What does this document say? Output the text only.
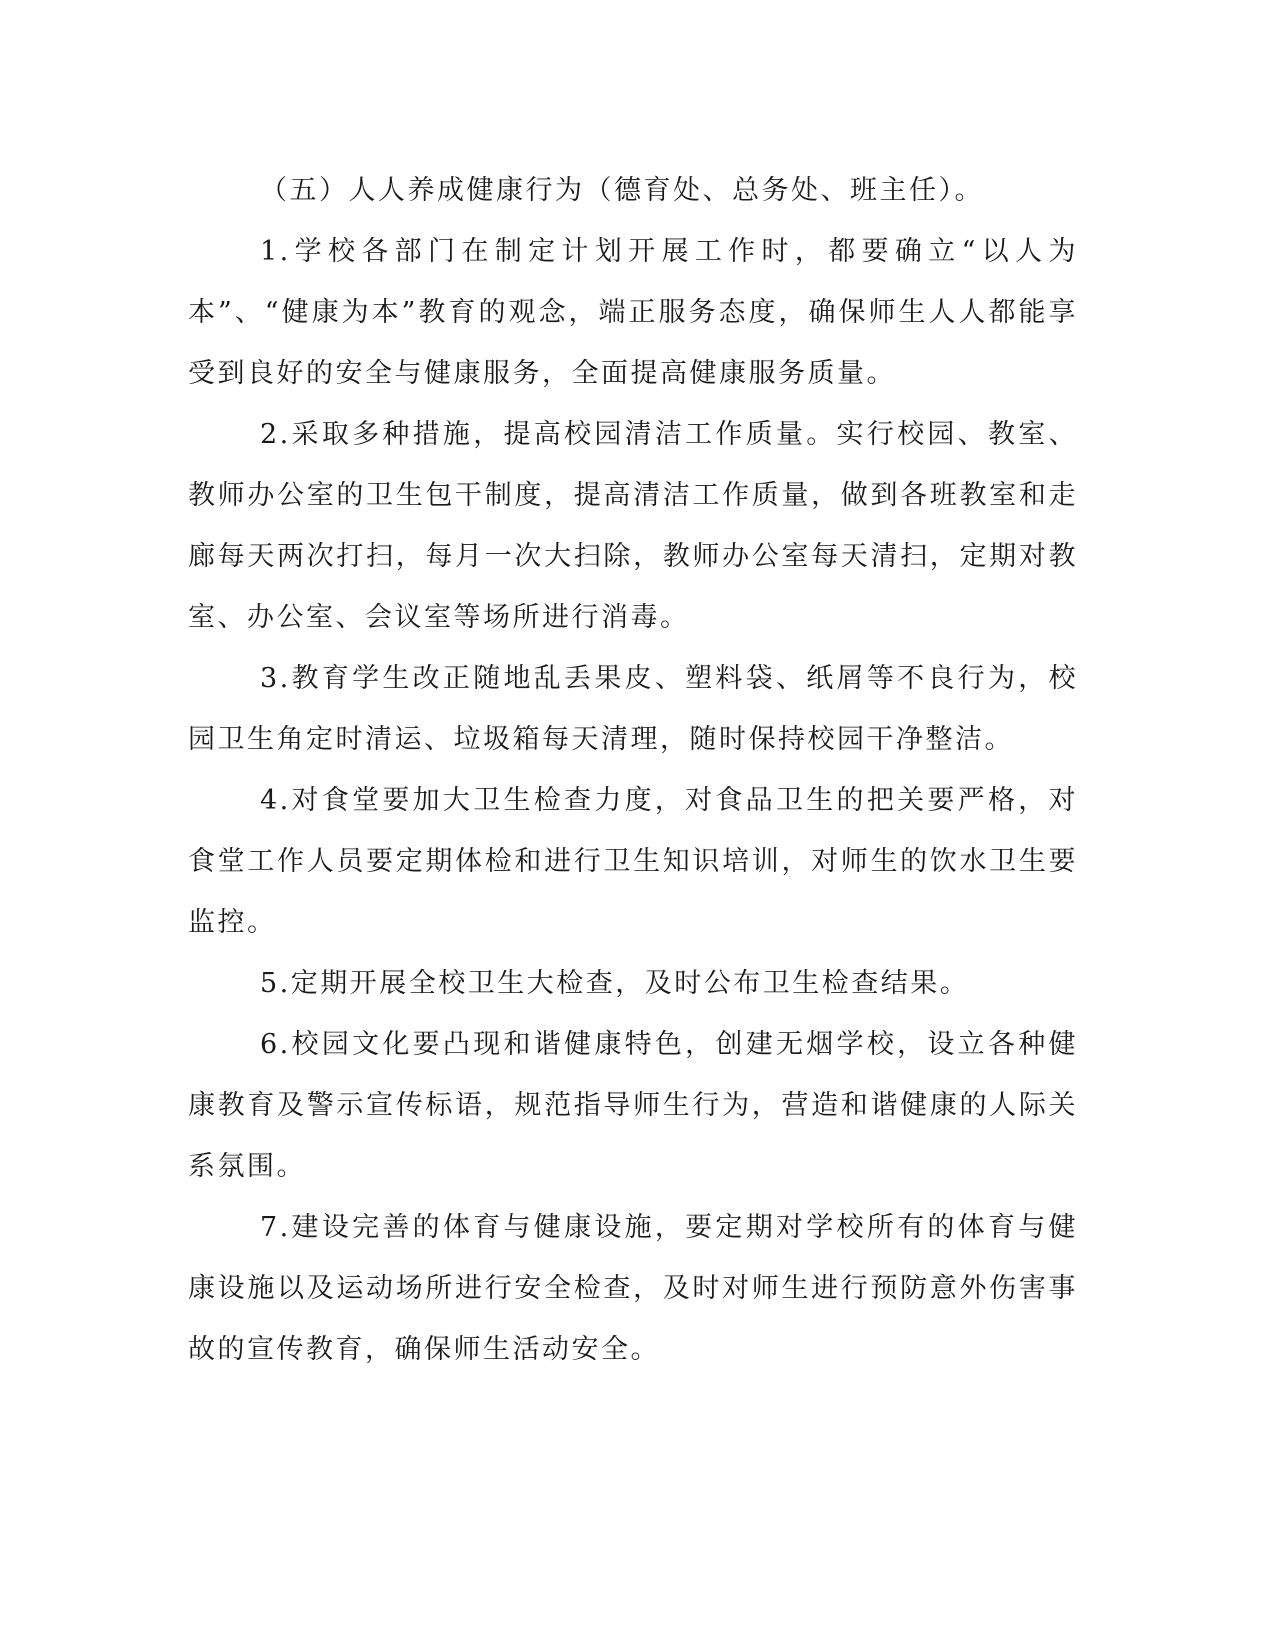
（五）人人养成健康行为（德育处、总务处、班主任）。

1.学校各部门在制定计划开展工作时，都要确立“以人为本”、“健康为本”教育的观念，端正服务态度，确保师生人人都能享受到良好的安全与健康服务，全面提高健康服务质量。

2.采取多种措施，提高校园清洁工作质量。实行校园、教室、教师办公室的卫生包干制度，提高清洁工作质量，做到各班教室和走廊每天两次打扫，每月一次大扫除，教师办公室每天清扫，定期对教室、办公室、会议室等场所进行消毒。

3.教育学生改正随地乱丢果皮、塑料袋、纸屑等不良行为，校园卫生角定时清运、垃圾箱每天清理，随时保持校园干净整洁。

4.对食堂要加大卫生检查力度，对食品卫生的把关要严格，对食堂工作人员要定期体检和进行卫生知识培训，对师生的饮水卫生要监控。

5.定期开展全校卫生大检查，及时公布卫生检查结果。

6.校园文化要凸现和谐健康特色，创建无烟学校，设立各种健康教育及警示宣传标语，规范指导师生行为，营造和谐健康的人际关系氛围。

7.建设完善的体育与健康设施，要定期对学校所有的体育与健康设施以及运动场所进行安全检查，及时对师生进行预防意外伤害事故的宣传教育，确保师生活动安全。
